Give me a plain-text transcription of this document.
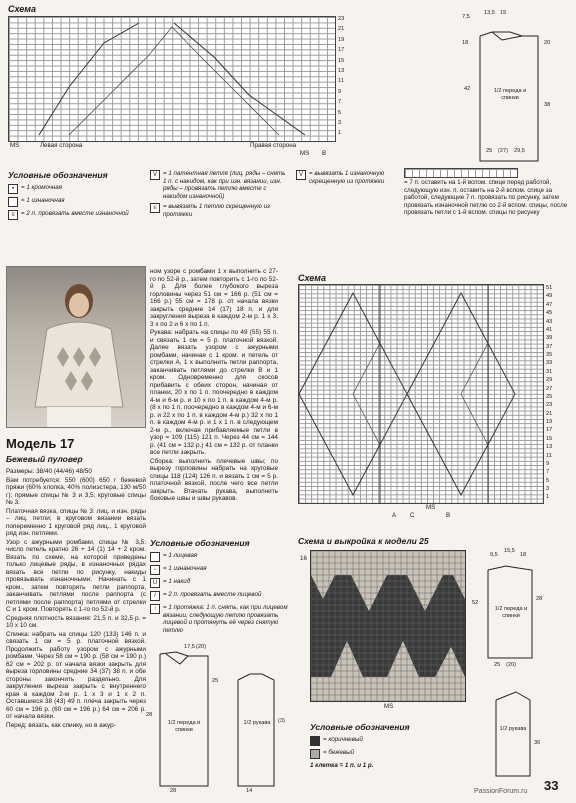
Схема
23
21
19
17
15
13
11
9
7
5
3
1
MS	Левая сторона	Правая сторона
MS B
7,5
13,5 15
18	20
42
38
1/2 переда и спинки
25 (27) 29,5
Условные обозначения
•	= 1 кромочная
= 1 изнаночная
≡	= 2 п. провязать вместе изнаночной
V = 1 патентная петля (лиц. ряды – снять 1 п. с накидом, как при изн. вязании, изн. ряды – провязать петлю вместе с накидом изнаночной)
≤	= вывязать 1 петлю скрещенную из протяжки
V = вывязать 1 изнаночную скрещенную из протяжки	= 7 п. оставить на 1-й вспом. спице перед работой, следующую изн. п. оставить на 2-й вспом. спице за работой, следующие 7 п. провязать по рисунку, затем провязать изнаночной петлю со 2-й вспом. спицы, после провязать петли с 1-й вспом. спицы по рисунку
Модель 17
Бежевый пуловер

Размеры: 38/40 (44/46) 48/50

Вам потребуется: 550 (600) 650 г бежевой пряжи (60% хлопка, 40% полиэстера, 130 м/50 г); прямые спицы № 3 и 3,5; круговые спицы № 3.

Платочная вязка, спицы № 3: лиц. и изн. ряды – лиц. петли; в круговом вязании вязать попеременно 1 круговой ряд лиц., 1 круговой ряд изн. петлями.

Узор с ажурными ромбами, спицы № 3,5: число петель кратно 26 + 14 (1) 14 + 2 кром. Вязать по схеме, на которой приведены только лицевые ряды, в изнаночных рядах вязать все петли по рисунку, накиды провязывать изнаночными. Начинать с 1 кром., затем повторять петли раппорта, заканчивать петлями после раппорта (с петлями после раппорта) петлями от стрелки С и 1 кром. Повторять с 1-го по 52-й р.

Средняя плотность вязания: 21,5 п. и 32,5 р. = 10 х 10 см.

Спинка: набрать на спицы 120 (133) 146 п. и связать 1 см = 5 р. платочной вязкой. Продолжить работу узором с ажурными ромбами. Через 58 см = 190 р. (58 см = 190 р.) 62 см = 202 р. от начала вязки закрыть для выреза горловины средние 34 (37) 38 п. и обе стороны закончить раздельно. Для закругления выреза закрыть с внутреннего края в каждом 2-м р. 1 х 3 и 1 х 2 п. Оставшиеся 38 (43) 49 п. плеча закрыть через 60 см = 196 р. (60 см = 196 р.) 64 см = 206 р. от начала вязки.

Перед: вязать, как спинку, но в ажур-

ном узоре с ромбами 1 х выполнить с 27-го по 52-й р., затем повторить с 1-го по 52-й р. Для более глубокого выреза горловины через 51 см = 166 р. (51 см = 166 р.) 55 см = 178 р. от начала вязки закрыть средние 14 (17) 18 п. и для закругления выреза в каждом 2-м р. 1 х 3, 3 х по 2 и 6 х по 1 п.

Рукава: набрать на спицы по 49 (55) 55 п. и связать 1 см = 5 р. платочной вязкой. Далее вязать узором с ажурными ромбами, начиная с 1 кром. и петель от стрелки А, 1 х выполнить петли раппорта, заканчивать петлями до стрелки В и 1 кром. Одновременно для скосов прибавить с обеих сторон, начиная от планки, 20 х по 1 п. поочередно в каждом 4-м и 6-м р. и 10 х по 1 п. в каждом 4-м р. (8 х по 1 п. поочередно в каждом 4-м и 6-м р. и 22 х по 1 п. в каждом 4-м р.) 32 х по 1 п. в каждом 4-м р. и 1 х 1 п. в следующем 2-м р., включая прибавляемые петли в узор = 109 (115) 121 п. Через 44 см = 144 р. (41 см = 132 р.) 41 см = 132 р. от планки все петли закрыть.

Сборка: выполнить плечевые швы; по вырезу горловины набрать на круговые спицы 118 (124) 126 п. и вязать 1 см = 5 р. платочной вязкой, после чего все петли закрыть. Втачать рукава, выполнить боковые швы и швы рукавов.

Условные обозначения
= 1 лицевая
−	= 1 изнаночная
U = 1 накид
/	= 2 п. провязать вместе лицевой
↑	= 1 протяжка: 1 п. снять, как при лицевом вязании, следующую петлю провязать лицевой и протянуть её через снятую петлю
17,5 (20)
25
28
1/2 переда и спинки
1/2 рукава	(3)
28	14
Схема
51
49
47
45
43
41
39
37
35
33
31
29
27
25
23
21
19
17
15
13
11
9
7
5
3
1
A C
MS
B
Схема и выкройка к модели 25
16
MS
9,5
15,5
18
52
28
1/2 переда и спинки
25 (20)
1/2 рукава
36
Условные обозначения
= коричневый
= бежевый
1 клетка = 1 п. и 1 р.
33
PassionForum.ru
